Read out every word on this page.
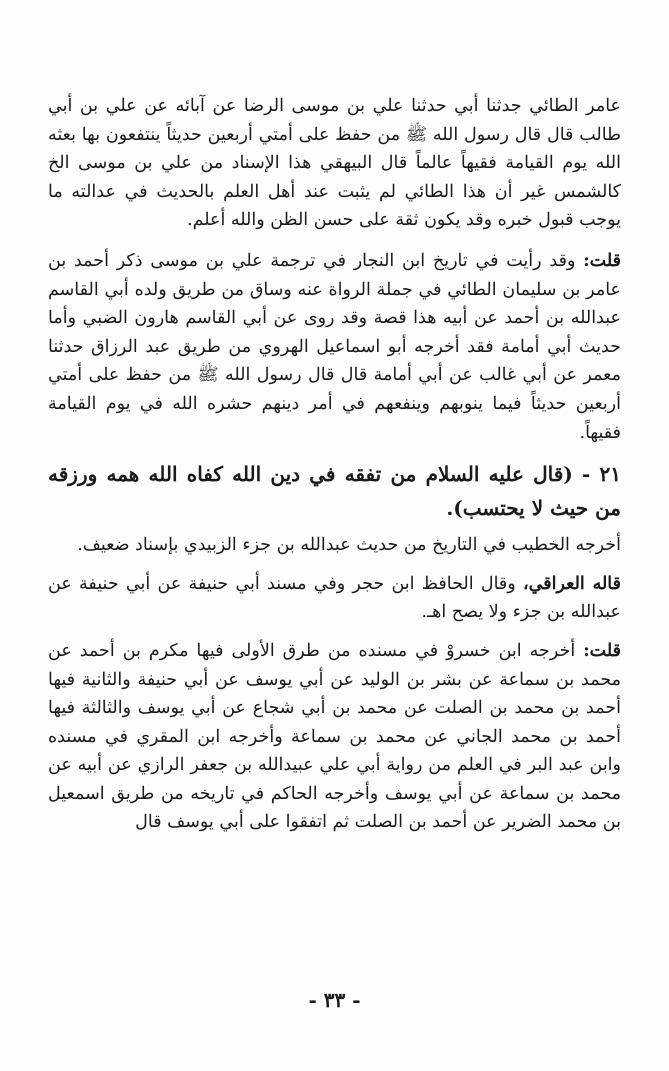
عامر الطائي جدثنا أبي حدثنا علي بن موسى الرضا عن آبائه عن علي بن أبي طالب قال قال رسول الله ﷺ من حفظ على أمتي أربعين حديثاً ينتفعون بها بعثه الله يوم القيامة فقيهاً عالماً قال البيهقي هذا الإسناد من علي بن موسى الخ كالشمس غير أن هذا الطائي لم يثبت عند أهل العلم بالحديث في عدالته ما يوجب قبول خبره وقد يكون ثقة على حسن الظن والله أعلم.

قلت: وقد رأيت في تاريخ ابن النجار في ترجمة علي بن موسى ذكر أحمد بن عامر بن سليمان الطائي في جملة الرواة عنه وساق من طريق ولده أبي القاسم عبدالله بن أحمد عن أبيه هذا قصة وقد روى عن أبي القاسم هارون الضبي وأما حديث أبي أمامة فقد أخرجه أبو اسماعيل الهروي من طريق عبد الرزاق حدثنا معمر عن أبي غالب عن أبي أمامة قال قال رسول الله ﷺ من حفظ على أمتي أربعين حديثاً فيما ينوبهم وينفعهم في أمر دينهم حشره الله في يوم القيامة فقيهاً.

٢١ - (قال عليه السلام من تفقه في دين الله كفاه الله همه ورزقه من حيث لا يحتسب).

أخرجه الخطيب في التاريخ من حديث عبدالله بن جزء الزبيدي بإسناد ضعيف.

قاله العراقي، وقال الحافظ ابن حجر وفي مسند أبي حنيفة عن أبي حنيفة عن عبدالله بن جزء ولا يصح اهـ.

قلت: أخرجه ابن خسروْ في مسنده من طرق الأولى فيها مكرم بن أحمد عن محمد بن سماعة عن بشر بن الوليد عن أبي يوسف عن أبي حنيفة والثانية فيها أحمد بن محمد بن الصلت عن محمد بن أبي شجاع عن أبي يوسف والثالثة فيها أحمد بن محمد الجاني عن محمد بن سماعة وأخرجه ابن المقري في مسنده وابن عبد البر في العلم من رواية أبي علي عبيدالله بن جعفر الرازي عن أبيه عن محمد بن سماعة عن أبي يوسف وأخرجه الحاكم في تاريخه من طريق اسمعيل بن محمد الضرير عن أحمد بن الصلت ثم اتفقوا على أبي يوسف قال

- ٣٣ -
